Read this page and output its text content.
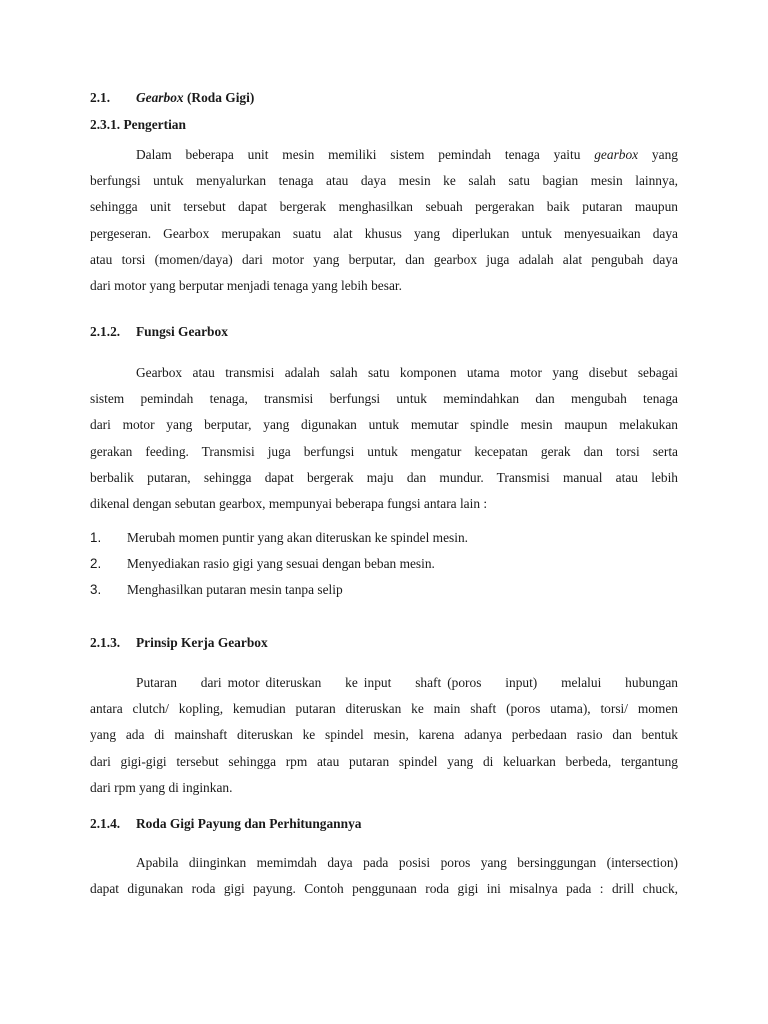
2.1. Gearbox (Roda Gigi)
2.3.1. Pengertian
Dalam beberapa unit mesin memiliki sistem pemindah tenaga yaitu gearbox yang
berfungsi untuk menyalurkan tenaga atau daya mesin ke salah satu bagian mesin lainnya,
sehingga unit tersebut dapat bergerak menghasilkan sebuah pergerakan baik putaran maupun
pergeseran. Gearbox merupakan suatu alat khusus yang diperlukan untuk menyesuaikan daya
atau torsi (momen/daya) dari motor yang berputar, dan gearbox juga adalah alat pengubah daya
dari motor yang berputar menjadi tenaga yang lebih besar.
2.1.2. Fungsi Gearbox
Gearbox atau transmisi adalah salah satu komponen utama motor yang disebut sebagai
sistem pemindah tenaga, transmisi berfungsi untuk memindahkan dan mengubah tenaga
dari motor yang berputar, yang digunakan untuk memutar spindle mesin maupun melakukan
gerakan feeding. Transmisi juga berfungsi untuk mengatur kecepatan gerak dan torsi serta
berbalik putaran, sehingga dapat bergerak maju dan mundur. Transmisi manual atau lebih
dikenal dengan sebutan gearbox, mempunyai beberapa fungsi antara lain :
1. Merubah momen puntir yang akan diteruskan ke spindel mesin.
2. Menyediakan rasio gigi yang sesuai dengan beban mesin.
3. Menghasilkan putaran mesin tanpa selip
2.1.3. Prinsip Kerja Gearbox
Putaran    dari motor diteruskan    ke input    shaft (poros    input)    melalui    hubungan
antara clutch/ kopling, kemudian putaran diteruskan ke main shaft (poros utama), torsi/ momen
yang ada di mainshaft diteruskan ke spindel mesin, karena adanya perbedaan rasio dan bentuk
dari gigi-gigi tersebut sehingga rpm atau putaran spindel yang di keluarkan berbeda, tergantung
dari rpm yang di inginkan.
2.1.4. Roda Gigi Payung dan Perhitungannya
Apabila diinginkan memimdah daya pada posisi poros yang bersinggungan (intersection)
dapat digunakan roda gigi payung. Contoh penggunaan roda gigi ini misalnya pada : drill chuck,
